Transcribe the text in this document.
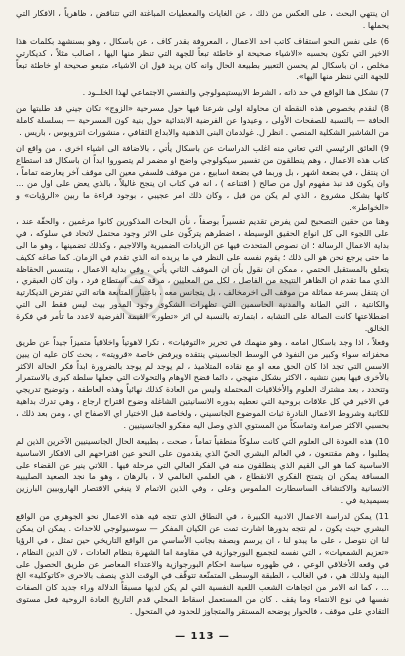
ان ينتهي البحث ، على العكس من ذلك ، عن الغايات والمعطيات المباغتة التي تتناقض ، ظاهرياً ، الافكار التي يحملها .

6) على نفس النحو استقاف كاتب احد الاعمال ، المعروفة بقدر كاف ، عن باسكال ، وهو بسنشهد بكلمات هذا الاخير التي تكون بحسبه «الاشياء صحيحة او خاطئة تبعاً للجهة التي تنظر منها اليها ، اصالب مثلاً ، كديكارتي مخلص ، ان باسكال لم يحسن التعبير بطبيعة الحال وانه كان يريد قول ان الاشياء، متبعو صحيحة او خاطئة تبعاً للجهة التي ننظر منها اليها».

7) نشكل هنا الواقع في حد ذاته ، الشرط الابيستيمولوجي والنفسي الاجتماعي لهذا الخلــود .

8) لنقدم بخصوص هذه النقطة ان محاولة اولى شرعنا فيها حول مسرحية «الزوج» تكان جيني قد طلبتها من الحافة — بالنسبة للصفحات الأولى ، وعيدوا عن الفرضية الابتدائية حول بنية كون المسرحية — بسلسلة كاملة من الشاشير الشكلية المنصي . انظر ل. غولدمان البنى الذهنية والابداع الثقافي ، منشورات انتروبوس ، باريس .

9) العائق الرئيسي التي تعاني منه اغلب الدراسات عن باسكال يأتي ، بالاضافة الى اشياء اخرى ، من واقع ان كتاب هذه الاعمال ، وهم ينطلقون من تفسير سيكولوجي واضح او مضمر لم يتصوروا ابداً ان باسكال قد استطاع ان ينتقل ، في بضعة اشهر ، بل وربما في بضعة اسابيع ، من موقف فلسفي معين الى موقف آخر يعارضه تماماً ، وان يكون قد نبذ مفهوم اول من صالح ( اقتناعه ) ، انه في كتاب ان ينجح غاليلاً ، بالذي يعض على اول من ... كانها بشكل مشروع ، الذي لم يكن من قبل ، وكان ذلك امر عجيبي ، بوجود قراءة ما ربين «الرؤيات» و «الخواطر».

وهنا من حقين التصحيح لمن يفرض تقديم تفسيراً بوصفاً ، نأن البحاث المذكورين كانوا مرغمين ، والحقّة عند ، على اللجوء الى كل انواع الحقيق الوسيطة ، اضطرهم يتركّون على الاثر وجود محتمل لاتحاد في سلوكه ، في بداية الاعمال الرسالة ؛ ان نصوص المتحدث فيها عن الزيادات الضميرية والالاجيم ، وكذلك تضمينها ، وهو ما الى ما حتى يرجع نحن هو الى ذلك ؛ يقوم نفسه على النظر في ما يريده انه الذي تقدم في الزمان. كما صاغه ككيف يتعلق بالمستقبل الحتمي ، ممكن ان نقول بأن ان الموقف الثاني يأتي ، وفي بداية الاعمال ، بيتنسس الحقاظة الذي مما تقدم ان الظاهر النتيجة من الفاصل ، لكل من المعليين ، مرقة كيف استطاع فرد ، وان كان العبقري ، ان يتنقل بسرعة مماثلة من موقف الى اخرمخالف ، بل يتجانس معه ، باعتبار المتابعة هاته التي تفترض الديكارتية والكانتية ، التي الطانة والمدنية الحاسمين التي تظهرات الشكوى وجود المدور بيث ليس فقط الى التي اضطلاعتها كانت الصالة على التشابه ، ابتمارته بالنسبة لي اثر «تطور» القيمة الفرضية لاعدد ما تأمر في فكرة الخالق.

وفعلاً ، اذا وجد باسكال امامه ، وهو منهمك في تحرير «التوفيات» ، تكرا لاهوتياً واخلاقياً متميزاً جيداً عن طريق محفزاته سواء وكبير من النفوذ في الوسط الجانسيني ينتقده ويرفض خاصة «قرويته» ، بحث كان عليه ان يبين الاسس التي تجد اذا كان الحق معه او مع نقاده المتلاميذ ، لم يوجد لم يوجد بالضرورة ابداً فكر الحالة الاكثر بالأخرى فيها بعين نتشيه ، الاكثر بشكل منهجي ، دائما فضح الاوهام والتحولات التي جعلها سلطة كبرى بالاستمرار وتتحدد ، بعد مشترك العلوم والأخلاقيات المحتملة وليس من العادة كذلك نهائياً وهذه العاطفة ، وتوضيح تدريجي في الاخير في كل علاقات بروحية التي نعطيه بدوره الانسانيتين الشاغلة وضوح اقتراح ارجاع ، وهي تدرك بداهية للكاتبة وشروط الاعمال النادرة ثبات الموضوع الجانسيني ، ولخاصة قبل الاختيار اي الاصفاح اي ، ومن بعد ذلك ، بحسبي الاكثر صرامة وتماسكاً من المستوي الذي وصل اليه مفكرو الجانسينيين .

10) هذه العودة الى العلوم التي كانت سلوكاً منطقياً تماماً ، صحت ، بطبيعة الحال الجانسينيين الآخرين الذين لم يطلبوا ، وهم مقتنعون ، في العالم البشري الحيّ الذي يقدمون على النحو عين اقتراحهم الى الافكار الاساسية الاساسية كما هو الى القيم الذي ينطلقون منه في الفكر العالي التي مرحلة فيها . اللاتي ينير عن القضاء على المسافة يمكن ان يتمتح الفكري الانقطاع ، هي العلمي العالمي لا ، بالرهان ، وهو ما نجد الصعيد الصليبية الانسانية والاكتشاف الساسطارث الملموس وعلى ، وفي الذين الاتمام لا ينبغي الاقتصار الهاروبيين البارزين بسيميدية في .

11) يمكن لدراسة الاعمال الادبية الكبيرة ، في النطاق الذي تتجه فيه هذه الاعمال نحو الجوهري من الواقع البشري حيث يكون ، لم نتجه بدورها اشارت تمت عن الكيان المفكر — سوسيولوجي للاحداث . يمكن ان يمكن لنا ان نتوصل ، على ما يبدو لنا ، ان يرسم وبصفة بجانب الأساسي من الواقع التاريخي حين تمثل ، في الرؤيا «تعزيم الشمعيات» ، التي نفسه لتجميع البورجوازية في مقاومة اما الشهرة بنظام العادات ، لان الدين النظام ، في وقعه الأخلاقي الوعي ، في ظهوره سياسة احكام البورجوازية والاعتداء المعاصر عن طريق الحصول على البنية ولذلك هي ، في الغالب ، الطبقة الوسطى المتمنّعة تتوقّف في الوقت الذي ينصف بالاحرى «كاتوكلية» الخ ... ، كما انه الامر من اتجاهات الشعب اللعبة النفسية التي لم يكن لديها مسبقاً الدلالة وراء جديد كان الصفات نفسها في نوع الانتماء وما يقف . كان من المستعمل اسقاط المحلي قدم التاريخ العادة الروحية فعل مستوى التقادي على موقف ، فالحوار يوضحه المستقر والمتجاوز للحدود في المتحول .

— 113 —
